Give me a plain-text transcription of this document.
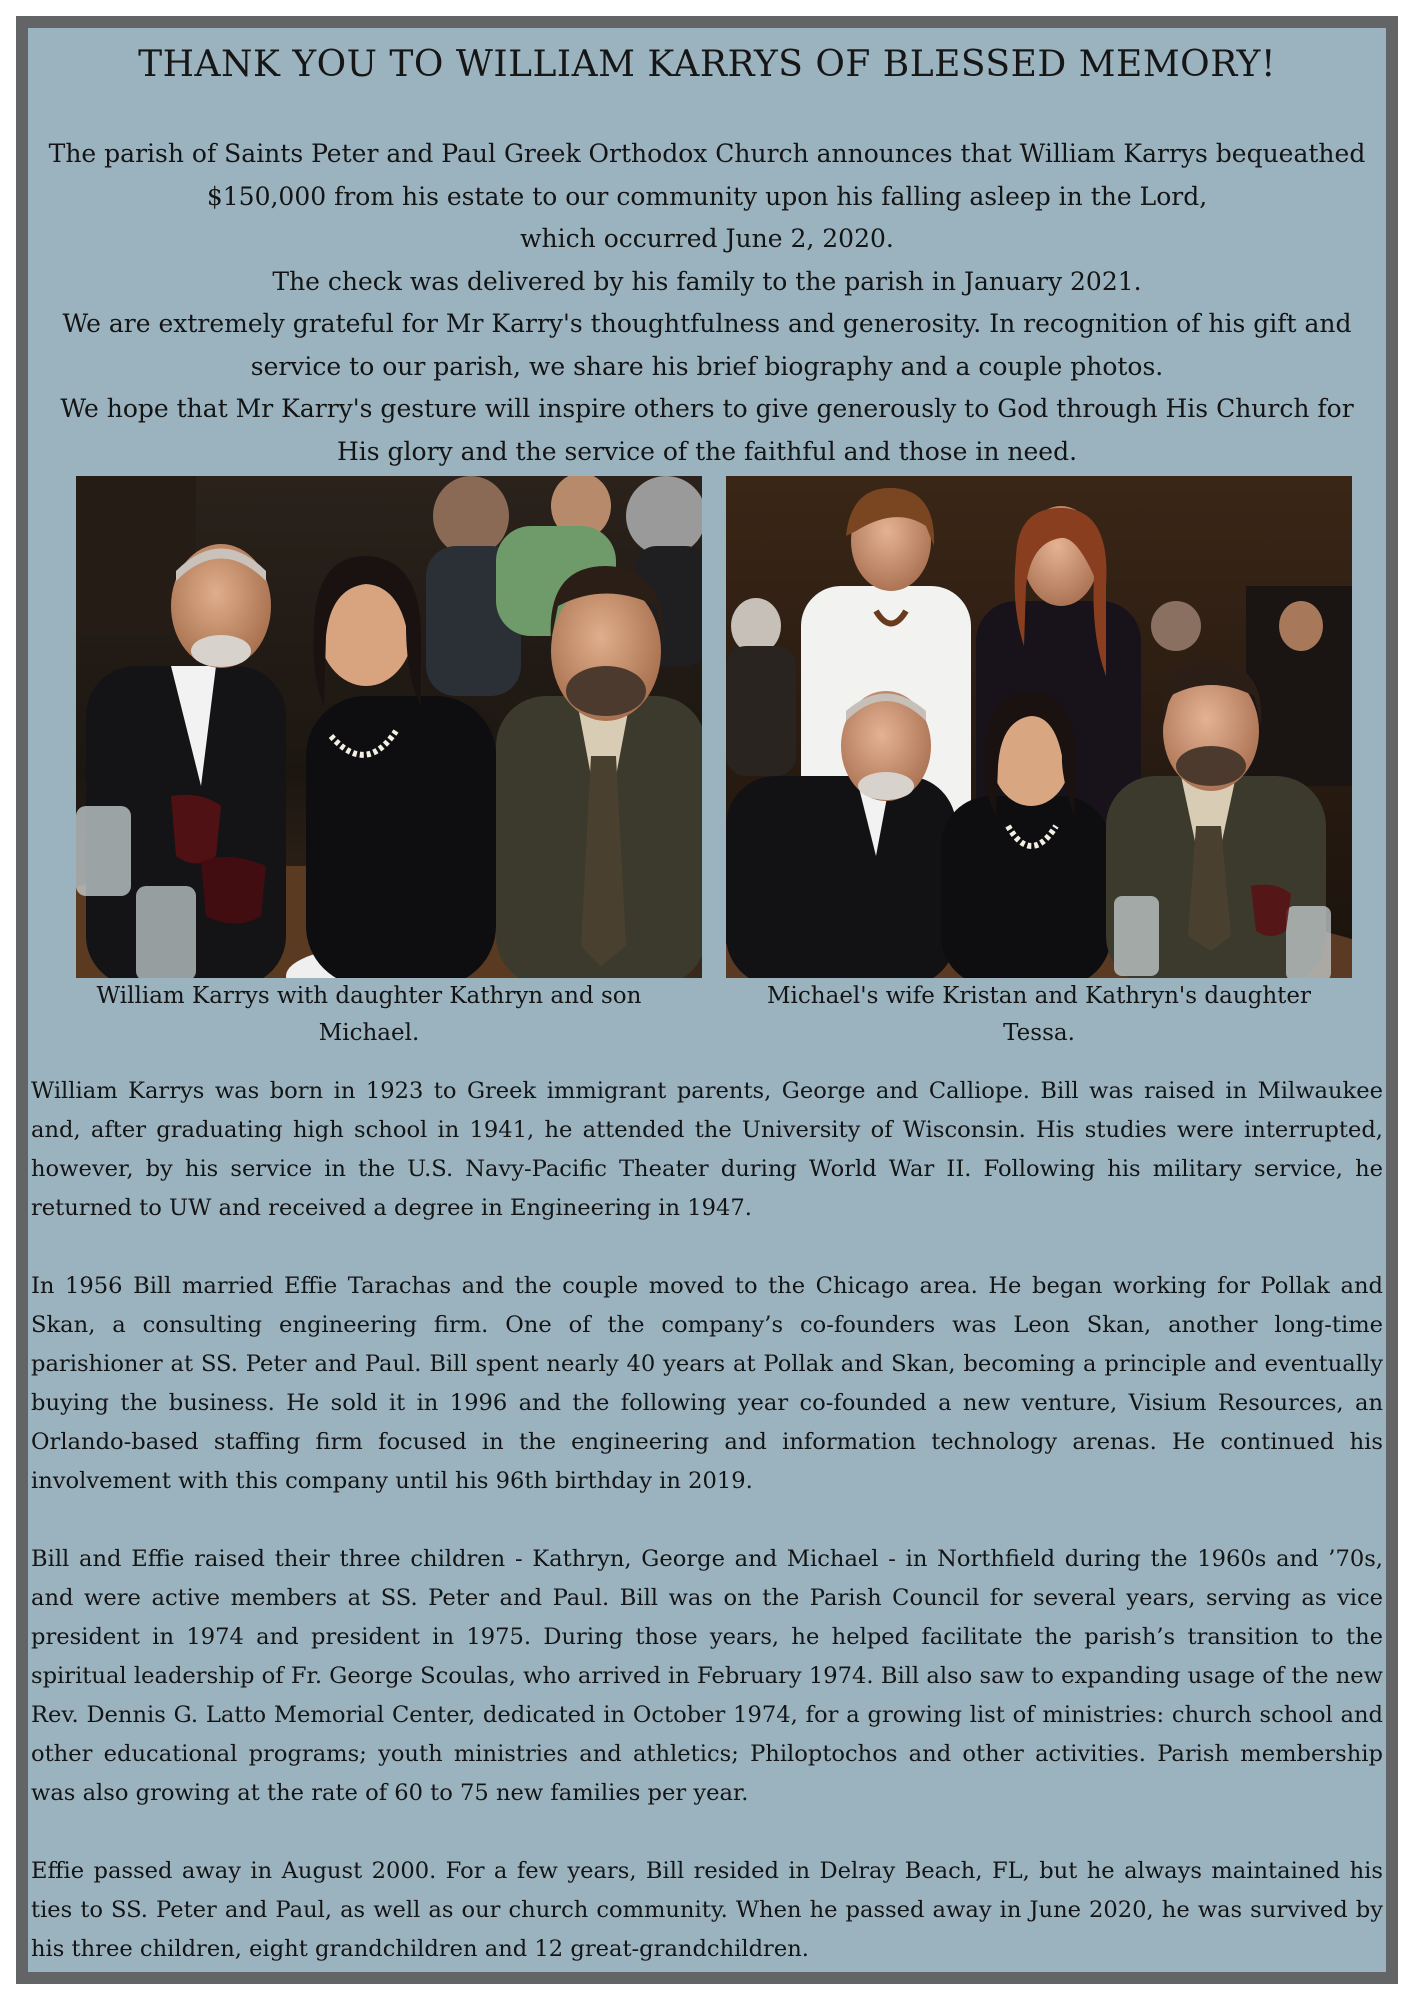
THANK YOU TO WILLIAM KARRYS OF BLESSED MEMORY!

The parish of Saints Peter and Paul Greek Orthodox Church announces that William Karrys bequeathed $150,000 from his estate to our community upon his falling asleep in the Lord,

which occurred June 2, 2020.

The check was delivered by his family to the parish in January 2021.

We are extremely grateful for Mr Karry's thoughtfulness and generosity. In recognition of his gift and service to our parish, we share his brief biography and a couple photos.

We hope that Mr Karry's gesture will inspire others to give generously to God through His Church for His glory and the service of the faithful and those in need.

William Karrys with daughter Kathryn and son Michael.
Michael's wife Kristan and Kathryn's daughter Tessa.

William Karrys was born in 1923 to Greek immigrant parents, George and Calliope. Bill was raised in Milwaukee and, after graduating high school in 1941, he attended the University of Wisconsin. His studies were interrupted, however, by his service in the U.S. Navy-Pacific Theater during World War II. Following his military service, he returned to UW and received a degree in Engineering in 1947.

In 1956 Bill married Effie Tarachas and the couple moved to the Chicago area. He began working for Pollak and Skan, a consulting engineering firm. One of the company’s co-founders was Leon Skan, another long-time parishioner at SS. Peter and Paul. Bill spent nearly 40 years at Pollak and Skan, becoming a principle and eventually buying the business. He sold it in 1996 and the following year co-founded a new venture, Visium Resources, an Orlando-based staffing firm focused in the engineering and information technology arenas. He continued his involvement with this company until his 96th birthday in 2019.

Bill and Effie raised their three children - Kathryn, George and Michael - in Northfield during the 1960s and ’70s, and were active members at SS. Peter and Paul. Bill was on the Parish Council for several years, serving as vice president in 1974 and president in 1975. During those years, he helped facilitate the parish’s transition to the spiritual leadership of Fr. George Scoulas, who arrived in February 1974. Bill also saw to expanding usage of the new Rev. Dennis G. Latto Memorial Center, dedicated in October 1974, for a growing list of ministries: church school and other educational programs; youth ministries and athletics; Philoptochos and other activities. Parish membership was also growing at the rate of 60 to 75 new families per year.

Effie passed away in August 2000. For a few years, Bill resided in Delray Beach, FL, but he always maintained his ties to SS. Peter and Paul, as well as our church community. When he passed away in June 2020, he was survived by his three children, eight grandchildren and 12 great-grandchildren.
